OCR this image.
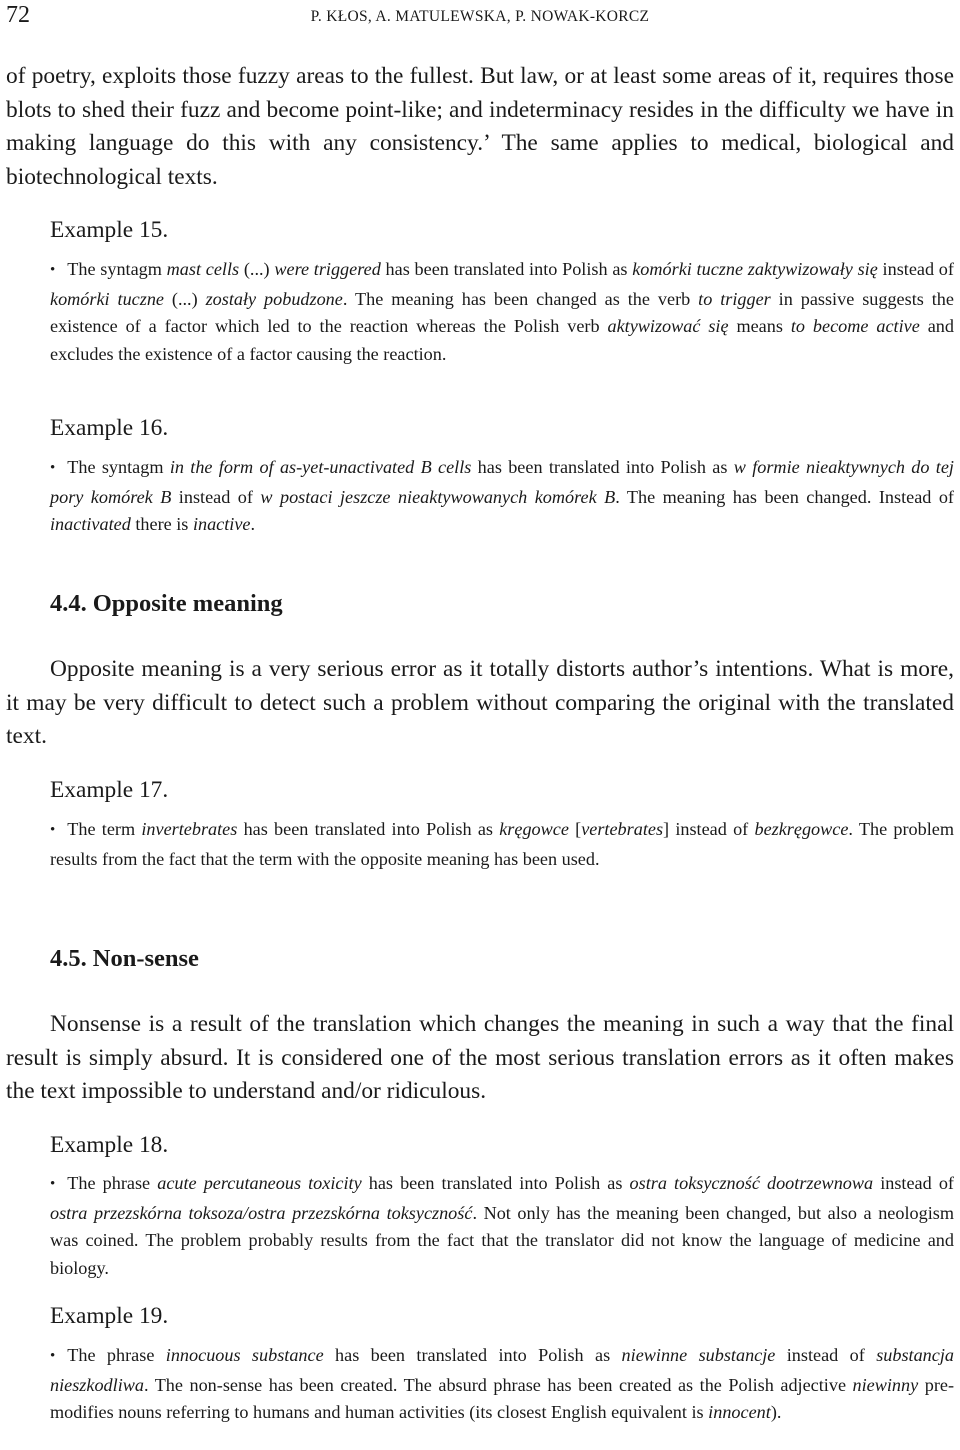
72	P. KŁOS, A. MATULEWSKA, P. NOWAK-KORCZ

of poetry, exploits those fuzzy areas to the fullest. But law, or at least some areas of it, requires those blots to shed their fuzz and become point-like; and indeterminacy resides in the difficulty we have in making language do this with any consistency.’ The same applies to medical, biological and biotechnological texts.

Example 15.

• The syntagm mast cells (...) were triggered has been translated into Polish as komórki tuczne zaktywizowały się instead of komórki tuczne (...) zostały pobudzone. The meaning has been changed as the verb to trigger in passive suggests the existence of a factor which led to the reaction whereas the Polish verb aktywizować się means to become active and excludes the existence of a factor causing the reaction.

Example 16.

• The syntagm in the form of as-yet-unactivated B cells has been translated into Polish as w formie nieaktywnych do tej pory komórek B instead of w postaci jeszcze nieaktywowanych komórek B. The meaning has been changed. Instead of inactivated there is inactive.

4.4. Opposite meaning

Opposite meaning is a very serious error as it totally distorts author’s intentions. What is more, it may be very difficult to detect such a problem without comparing the original with the translated text.

Example 17.

• The term invertebrates has been translated into Polish as kręgowce [vertebrates] instead of bezkręgowce. The problem results from the fact that the term with the opposite meaning has been used.

4.5. Non-sense

Nonsense is a result of the translation which changes the meaning in such a way that the final result is simply absurd. It is considered one of the most serious translation errors as it often makes the text impossible to understand and/or ridiculous.

Example 18.

• The phrase acute percutaneous toxicity has been translated into Polish as ostra toksyczność dootrzewnowa instead of ostra przezskórna toksoza/ostra przezskórna toksyczność. Not only has the meaning been changed, but also a neologism was coined. The problem probably results from the fact that the translator did not know the language of medicine and biology.

Example 19.

• The phrase innocuous substance has been translated into Polish as niewinne substancje instead of substancja nieszkodliwa. The non-sense has been created. The absurd phrase has been created as the Polish adjective niewinny pre-modifies nouns referring to humans and human activities (its closest English equivalent is innocent).
